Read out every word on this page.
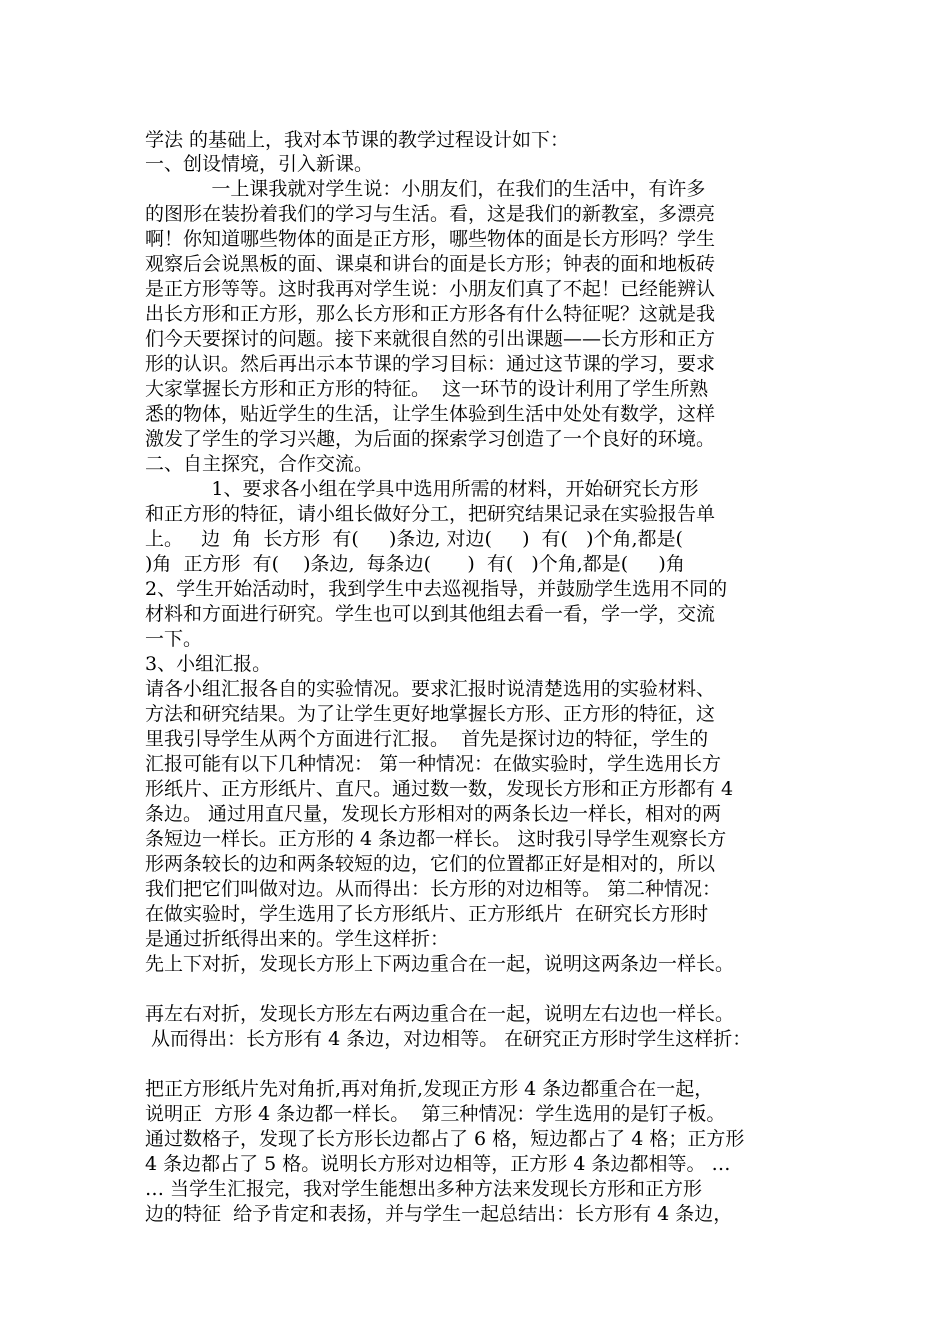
学法 的基础上，我对本节课的教学过程设计如下：
一、创设情境，引入新课。
一上课我就对学生说：小朋友们，在我们的生活中，有许多
的图形在装扮着我们的学习与生活。看，这是我们的新教室，多漂亮
啊！你知道哪些物体的面是正方形，哪些物体的面是长方形吗？学生
观察后会说黑板的面、课桌和讲台的面是长方形；钟表的面和地板砖
是正方形等等。这时我再对学生说：小朋友们真了不起！已经能辨认
出长方形和正方形，那么长方形和正方形各有什么特征呢？这就是我
们今天要探讨的问题。接下来就很自然的引出课题——长方形和正方
形的认识。然后再出示本节课的学习目标：通过这节课的学习，要求
大家掌握长方形和正方形的特征。  这一环节的设计利用了学生所熟
悉的物体，贴近学生的生活，让学生体验到生活中处处有数学，这样
激发了学生的学习兴趣，为后面的探索学习创造了一个良好的环境。
二、自主探究，合作交流。
1、要求各小组在学具中选用所需的材料，开始研究长方形
和正方形的特征，请小组长做好分工，把研究结果记录在实验报告单
上。   边  角  长方形  有(     )条边, 对边(     )  有(   )个角,都是(
)角  正方形  有(    )条边,  每条边(      )  有(   )个角,都是(     )角
2、学生开始活动时，我到学生中去巡视指导，并鼓励学生选用不同的
材料和方面进行研究。学生也可以到其他组去看一看，学一学，交流
一下。
3、小组汇报。
请各小组汇报各自的实验情况。要求汇报时说清楚选用的实验材料、
方法和研究结果。为了让学生更好地掌握长方形、正方形的特征，这
里我引导学生从两个方面进行汇报。  首先是探讨边的特征，学生的
汇报可能有以下几种情况： 第一种情况：在做实验时，学生选用长方
形纸片、正方形纸片、直尺。通过数一数，发现长方形和正方形都有 4
条边。 通过用直尺量，发现长方形相对的两条长边一样长，相对的两
条短边一样长。正方形的 4 条边都一样长。 这时我引导学生观察长方
形两条较长的边和两条较短的边，它们的位置都正好是相对的，所以
我们把它们叫做对边。从而得出：长方形的对边相等。 第二种情况：
在做实验时，学生选用了长方形纸片、正方形纸片  在研究长方形时
是通过折纸得出来的。学生这样折：
先上下对折，发现长方形上下两边重合在一起，说明这两条边一样长。
再左右对折，发现长方形左右两边重合在一起，说明左右边也一样长。
从而得出：长方形有 4 条边，对边相等。 在研究正方形时学生这样折：
把正方形纸片先对角折,再对角折,发现正方形 4 条边都重合在一起，
说明正  方形 4 条边都一样长。  第三种情况：学生选用的是钉子板。
通过数格子，发现了长方形长边都占了 6 格，短边都占了 4 格；正方形
4 条边都占了 5 格。说明长方形对边相等，正方形 4 条边都相等。 …
… 当学生汇报完，我对学生能想出多种方法来发现长方形和正方形
边的特征  给予肯定和表扬，并与学生一起总结出：长方形有 4 条边，
